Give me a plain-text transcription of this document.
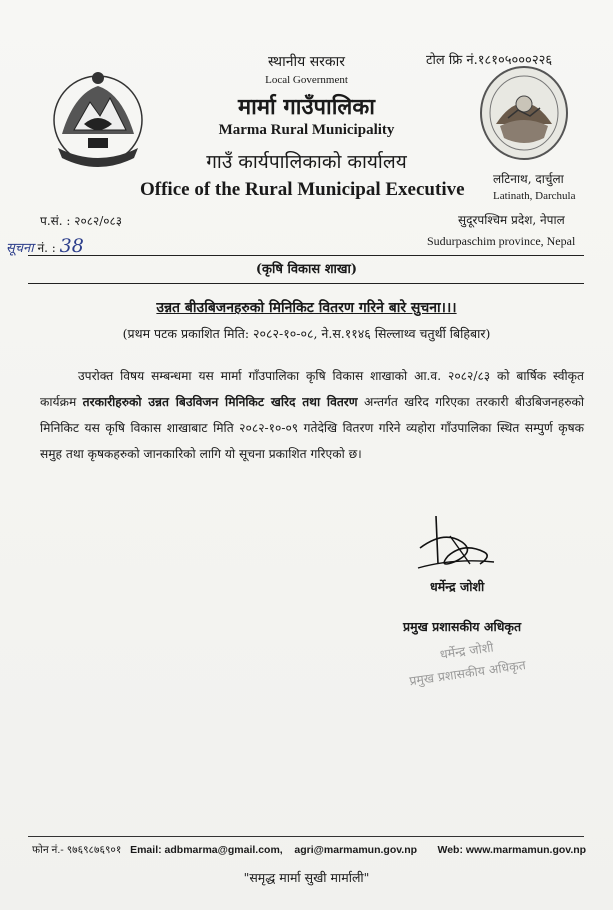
स्थानीय सरकार
Local Government
मार्मा गाउँपालिका
Marma Rural Municipality
गाउँ कार्यपालिकाको कार्यालय
Office of the Rural Municipal Executive
टोल फ्रि नं.१८१०५०००२२६
लटिनाथ, दार्चुला
Latinath, Darchula
सुदूरपश्चिम प्रदेश, नेपाल
Sudurpaschim province, Nepal
प.सं. : २०८२/०८३
सूचना नं. : 38
(कृषि विकास शाखा)
उन्नत बीउबिजनहरुको मिनिकिट वितरण गरिने बारे सुचना।।।
(प्रथम पटक प्रकाशित मिति: २०८२-१०-०८, ने.स.११४६ सिल्लाथ्व चतुर्थी बिहिबार)
उपरोक्त विषय सम्बन्धमा यस मार्मा गाँउपालिका कृषि विकास शाखाको आ.व. २०८२/८३ को बार्षिक स्वीकृत कार्यक्रम तरकारीहरुको उन्नत बिउविजन मिनिकिट खरिद तथा वितरण अन्तर्गत खरिद गरिएका तरकारी बीउबिजनहरुको मिनिकिट यस कृषि विकास शाखाबाट मिति २०८२-१०-०९ गतेदेखि वितरण गरिने व्यहोरा गाँउपालिका स्थित सम्पुर्ण कृषक समुह तथा कृषकहरुको जानकारिको लागि यो सूचना प्रकाशित गरिएको छ।
धर्मेन्द्र जोशी
प्रमुख प्रशासकीय अधिकृत
धर्मेन्द्र जोशी
प्रमुख प्रशासकीय अधिकृत
फोन नं.- ९७६९८७६९०१ Email: adbmarma@gmail.com, agri@marmamun.gov.np Web: www.marmamun.gov.np
"समृद्ध मार्मा सुखी मार्माली"
